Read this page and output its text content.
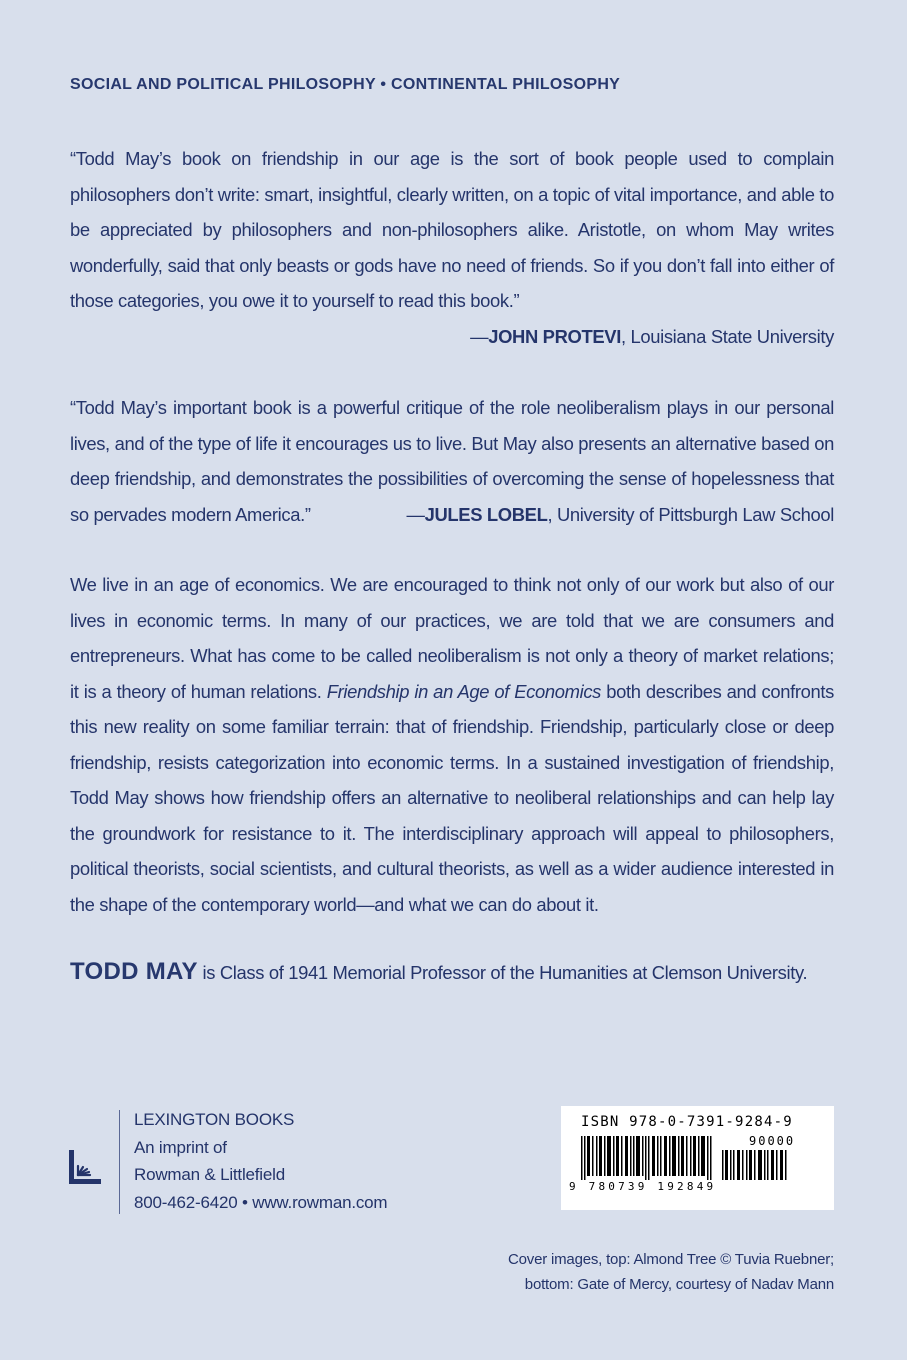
SOCIAL AND POLITICAL PHILOSOPHY • CONTINENTAL PHILOSOPHY
“Todd May’s book on friendship in our age is the sort of book people used to complain philosophers don’t write: smart, insightful, clearly written, on a topic of vital importance, and able to be appreciated by philosophers and non-philosophers alike. Aristotle, on whom May writes wonderfully, said that only beasts or gods have no need of friends. So if you don’t fall into either of those categories, you owe it to yourself to read this book.”
—JOHN PROTEVI, Louisiana State University
“Todd May’s important book is a powerful critique of the role neoliberalism plays in our personal lives, and of the type of life it encourages us to live. But May also presents an alternative based on deep friendship, and demonstrates the possibilities of overcoming the sense of hopelessness that so pervades modern America.”	—JULES LOBEL, University of Pittsburgh Law School
We live in an age of economics. We are encouraged to think not only of our work but also of our lives in economic terms. In many of our practices, we are told that we are consumers and entrepreneurs. What has come to be called neoliberalism is not only a theory of market relations; it is a theory of human relations. Friendship in an Age of Economics both describes and confronts this new reality on some familiar terrain: that of friendship. Friendship, particularly close or deep friendship, resists categorization into economic terms. In a sustained investigation of friendship, Todd May shows how friendship offers an alternative to neoliberal relationships and can help lay the groundwork for resistance to it. The interdisciplinary approach will appeal to philosophers, political theorists, social scientists, and cultural theorists, as well as a wider audience interested in the shape of the contemporary world—and what we can do about it.
TODD MAY is Class of 1941 Memorial Professor of the Humanities at Clemson University.
LEXINGTON BOOKS
An imprint of
Rowman & Littlefield
800-462-6420 • www.rowman.com
ISBN 978-0-7391-9284-9
90000
9 780739 192849
Cover images, top: Almond Tree © Tuvia Ruebner;
bottom: Gate of Mercy, courtesy of Nadav Mann
